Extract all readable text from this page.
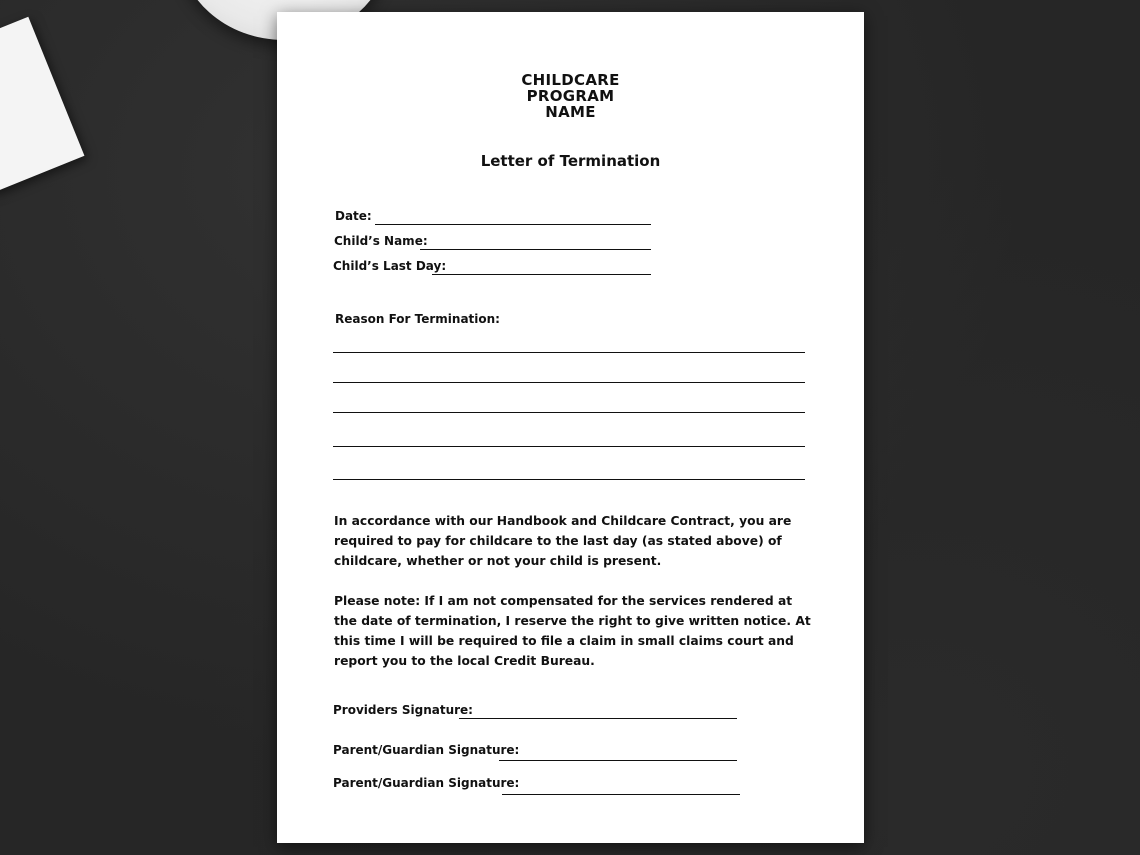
CHILDCARE
PROGRAM
NAME
Letter of Termination
Date:
Child’s Name:
Child’s Last Day:
Reason For Termination:
In accordance with our Handbook and Childcare Contract, you are required to pay for childcare to the last day (as stated above) of childcare, whether or not your child is present.
Please note: If I am not compensated for the services rendered at the date of termination, I reserve the right to give written notice. At this time I will be required to file a claim in small claims court and report you to the local Credit Bureau.
Providers Signature:
Parent/Guardian Signature:
Parent/Guardian Signature:
